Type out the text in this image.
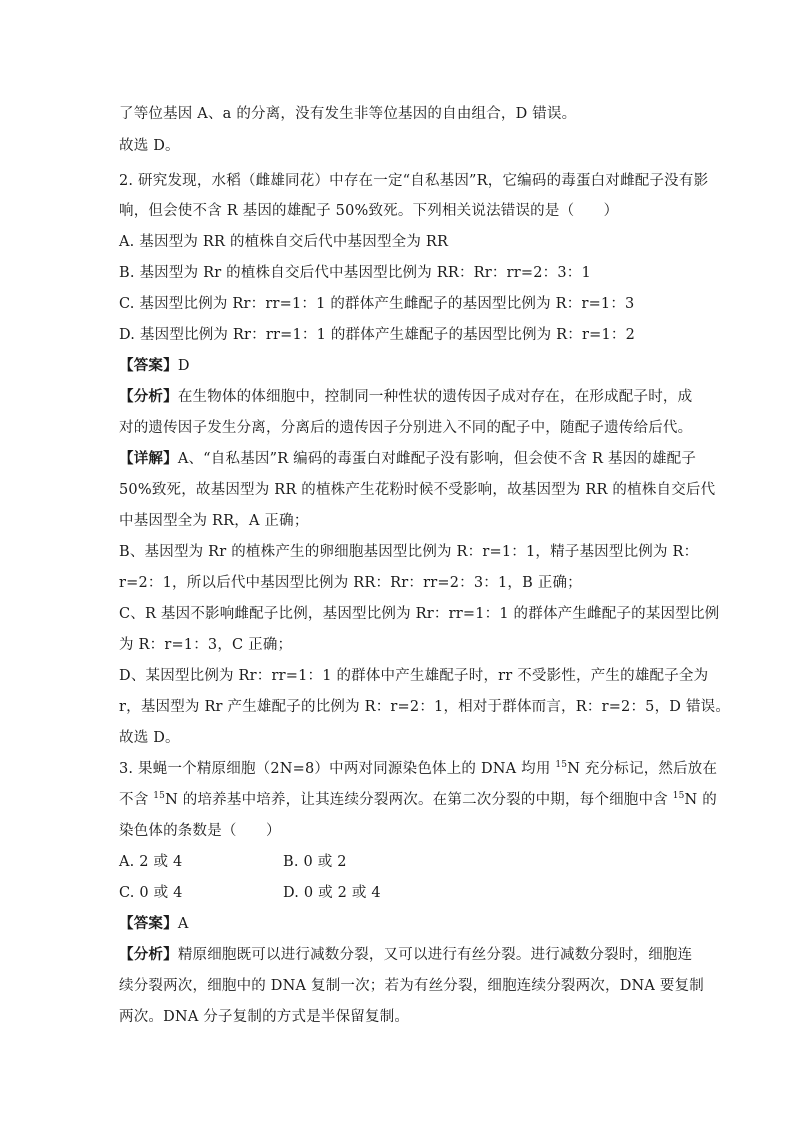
了等位基因 A、a 的分离，没有发生非等位基因的自由组合，D 错误。
故选 D。
2. 研究发现，水稻（雌雄同花）中存在一定“自私基因”R，它编码的毒蛋白对雌配子没有影
响，但会使不含 R 基因的雄配子 50%致死。下列相关说法错误的是（　　）
A. 基因型为 RR 的植株自交后代中基因型全为 RR
B. 基因型为 Rr 的植株自交后代中基因型比例为 RR：Rr：rr=2：3：1
C. 基因型比例为 Rr：rr=1：1 的群体产生雌配子的基因型比例为 R：r=1：3
D. 基因型比例为 Rr：rr=1：1 的群体产生雄配子的基因型比例为 R：r=1：2
【答案】D
【分析】在生物体的体细胞中，控制同一种性状的遗传因子成对存在，在形成配子时，成
对的遗传因子发生分离，分离后的遗传因子分别进入不同的配子中，随配子遗传给后代。
【详解】A、“自私基因”R 编码的毒蛋白对雌配子没有影响，但会使不含 R 基因的雄配子
50%致死，故基因型为 RR 的植株产生花粉时候不受影响，故基因型为 RR 的植株自交后代
中基因型全为 RR，A 正确；
B、基因型为 Rr 的植株产生的卵细胞基因型比例为 R：r=1：1，精子基因型比例为 R：
r=2：1，所以后代中基因型比例为 RR：Rr：rr=2：3：1，B 正确；
C、R 基因不影响雌配子比例，基因型比例为 Rr：rr=1：1 的群体产生雌配子的某因型比例
为 R：r=1：3，C 正确；
D、某因型比例为 Rr：rr=1：1 的群体中产生雄配子时，rr 不受影性，产生的雄配子全为
r，基因型为 Rr 产生雄配子的比例为 R：r=2：1，相对于群体而言，R：r=2：5，D 错误。
故选 D。
3. 果蝇一个精原细胞（2N=8）中两对同源染色体上的 DNA 均用 $^{15}$N 充分标记，然后放在
不含 $^{15}$N 的培养基中培养，让其连续分裂两次。在第二次分裂的中期，每个细胞中含 $^{15}$N 的
染色体的条数是（　　）
A. 2 或 4	B. 0 或 2
C. 0 或 4	D. 0 或 2 或 4
【答案】A
【分析】精原细胞既可以进行减数分裂，又可以进行有丝分裂。进行减数分裂时，细胞连
续分裂两次，细胞中的 DNA 复制一次；若为有丝分裂，细胞连续分裂两次，DNA 要复制
两次。DNA 分子复制的方式是半保留复制。
